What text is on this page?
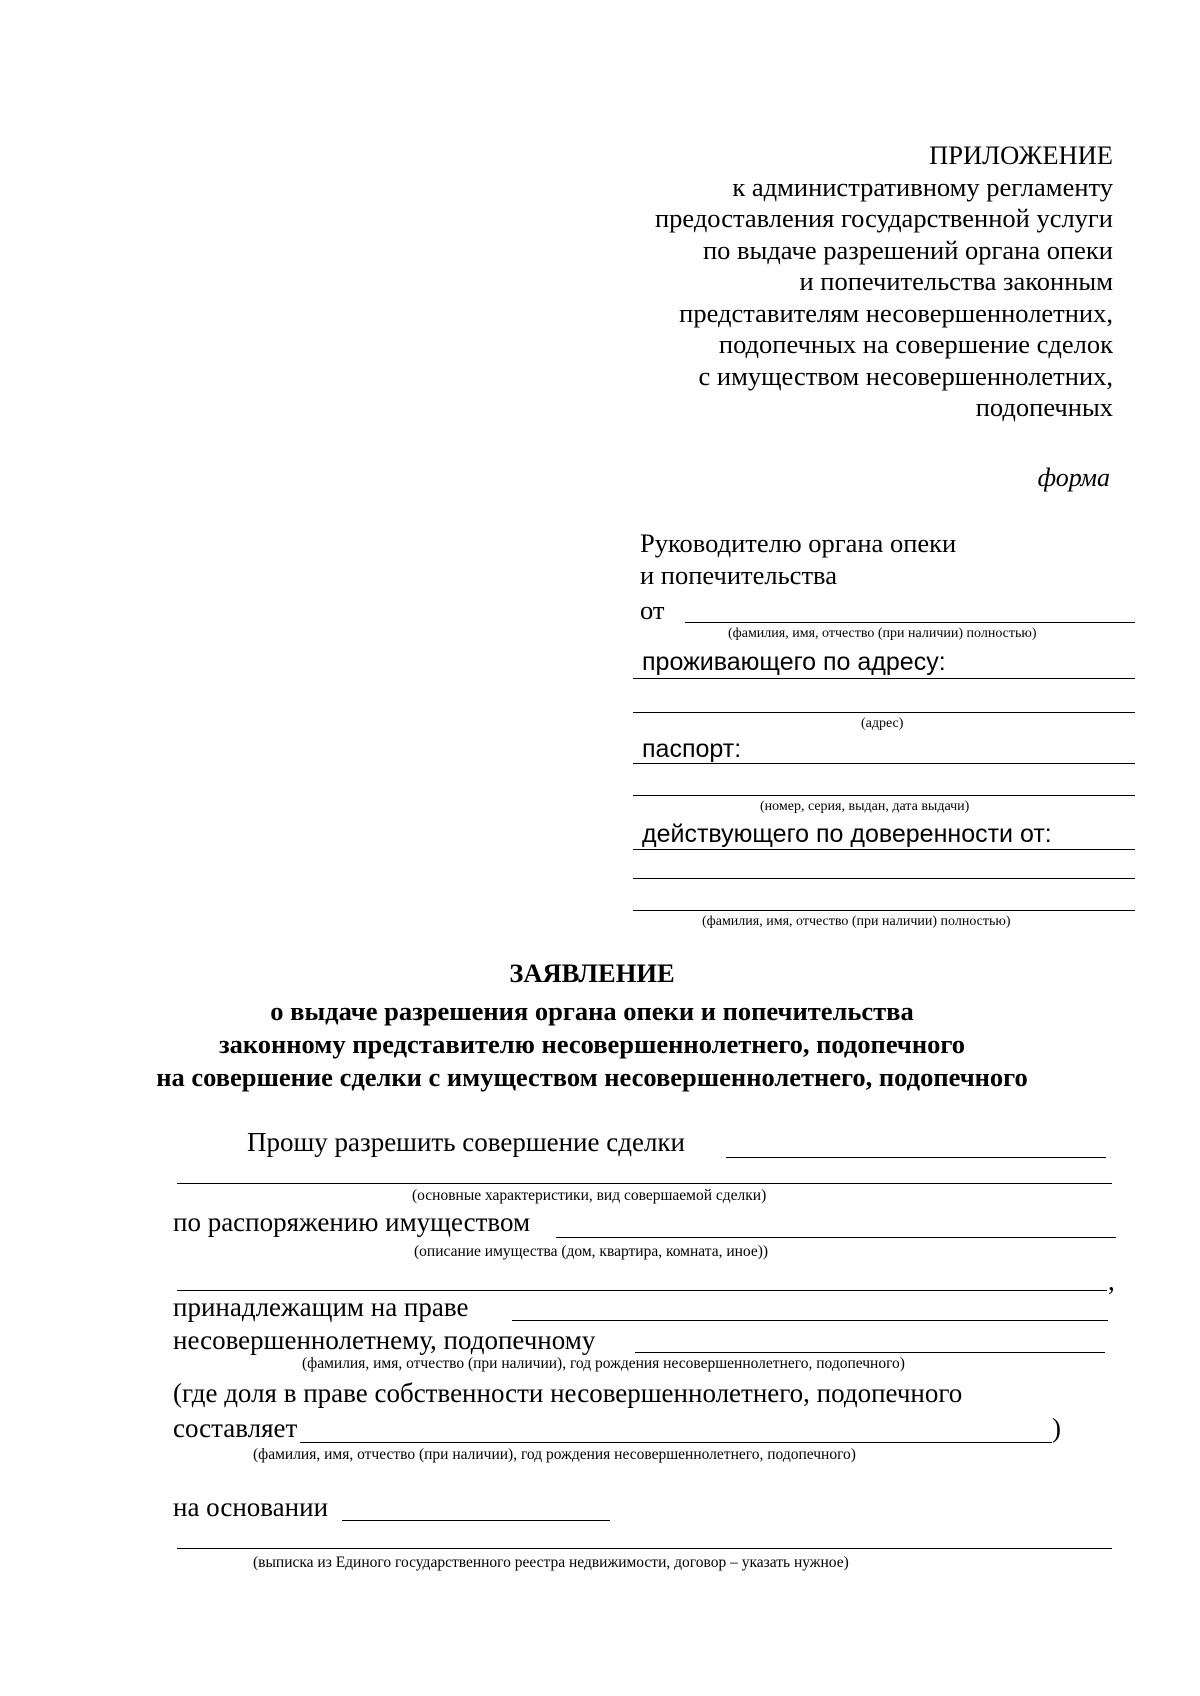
ПРИЛОЖЕНИЕ
к административному регламенту
предоставления государственной услуги
по выдаче разрешений органа опеки
и попечительства законным
представителям несовершеннолетних,
подопечных на совершение сделок
с имуществом несовершеннолетних,
подопечных
форма
Руководителю органа опеки
и попечительства
от
(фамилия, имя, отчество (при наличии) полностью)
проживающего по адресу:
(адрес)
паспорт:
(номер, серия, выдан, дата выдачи)
действующего по доверенности от:
(фамилия, имя, отчество (при наличии) полностью)
ЗАЯВЛЕНИЕ
о выдаче разрешения органа опеки и попечительства
законному представителю несовершеннолетнего, подопечного
на совершение сделки с имуществом несовершеннолетнего, подопечного
Прошу разрешить совершение сделки
(основные характеристики, вид совершаемой сделки)
по распоряжению имуществом
(описание имущества (дом, квартира, комната, иное))
,
принадлежащим на праве
несовершеннолетнему, подопечному
(фамилия, имя, отчество (при наличии), год рождения несовершеннолетнего, подопечного)
(где доля в праве собственности несовершеннолетнего, подопечного
составляет	)
(фамилия, имя, отчество (при наличии), год рождения несовершеннолетнего, подопечного)
на основании
(выписка из Единого государственного реестра недвижимости, договор – указать нужное)
